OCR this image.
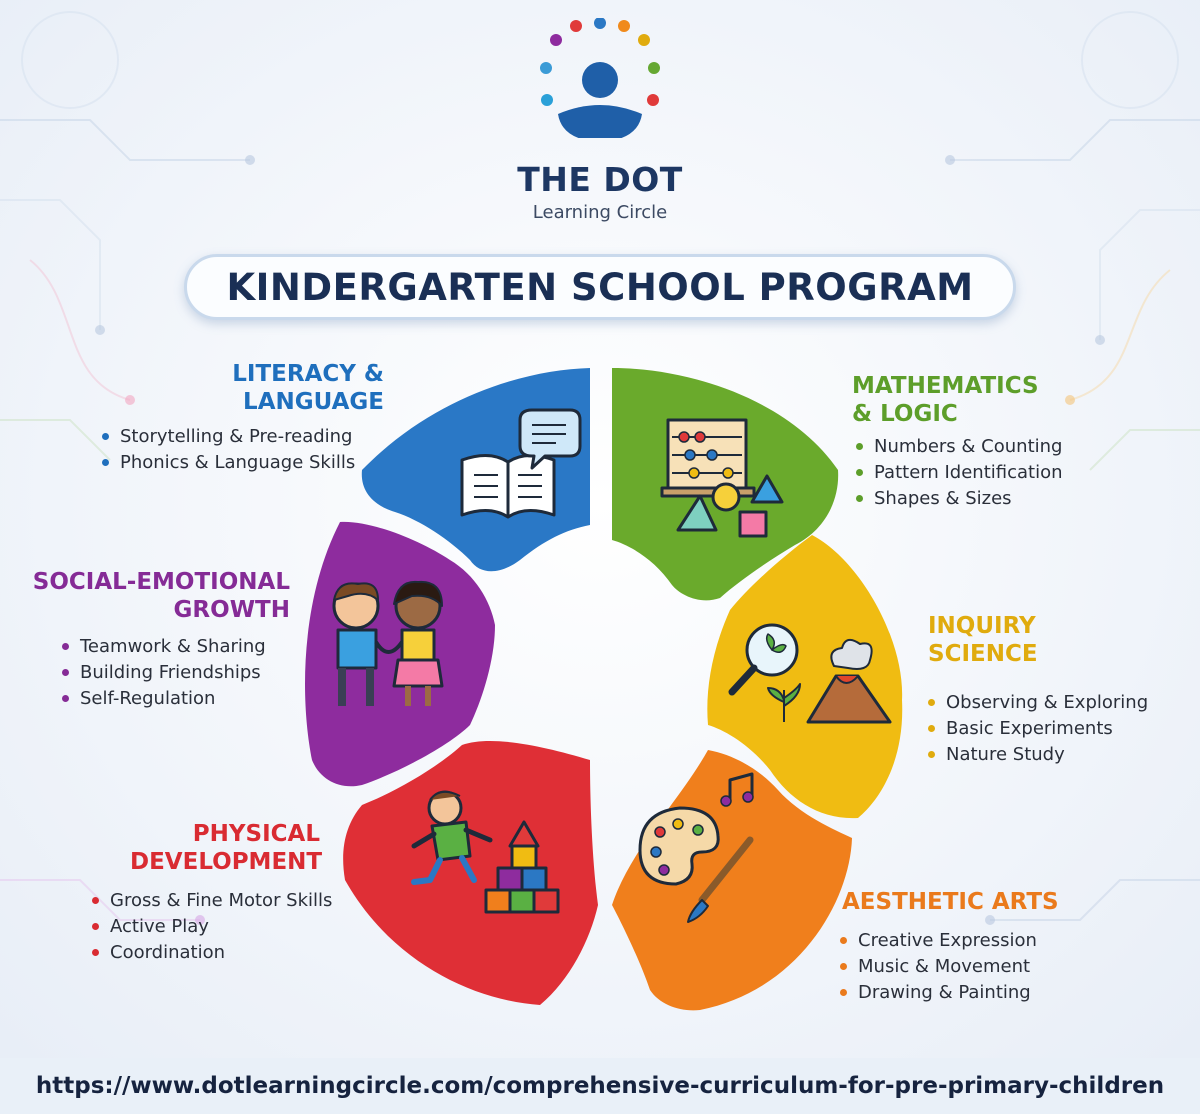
THE DOT
Learning Circle
KINDERGARTEN SCHOOL PROGRAM
LITERACY &
LANGUAGE
Storytelling & Pre-reading
Phonics & Language Skills
MATHEMATICS
& LOGIC
Numbers & Counting
Pattern Identification
Shapes & Sizes
INQUIRY
SCIENCE
Observing & Exploring
Basic Experiments
Nature Study
AESTHETIC ARTS
Creative Expression
Music & Movement
Drawing & Painting
PHYSICAL
DEVELOPMENT
Gross & Fine Motor Skills
Active Play
Coordination
SOCIAL-EMOTIONAL
GROWTH
Teamwork & Sharing
Building Friendships
Self-Regulation
https://www.dotlearningcircle.com/comprehensive-curriculum-for-pre-primary-children
